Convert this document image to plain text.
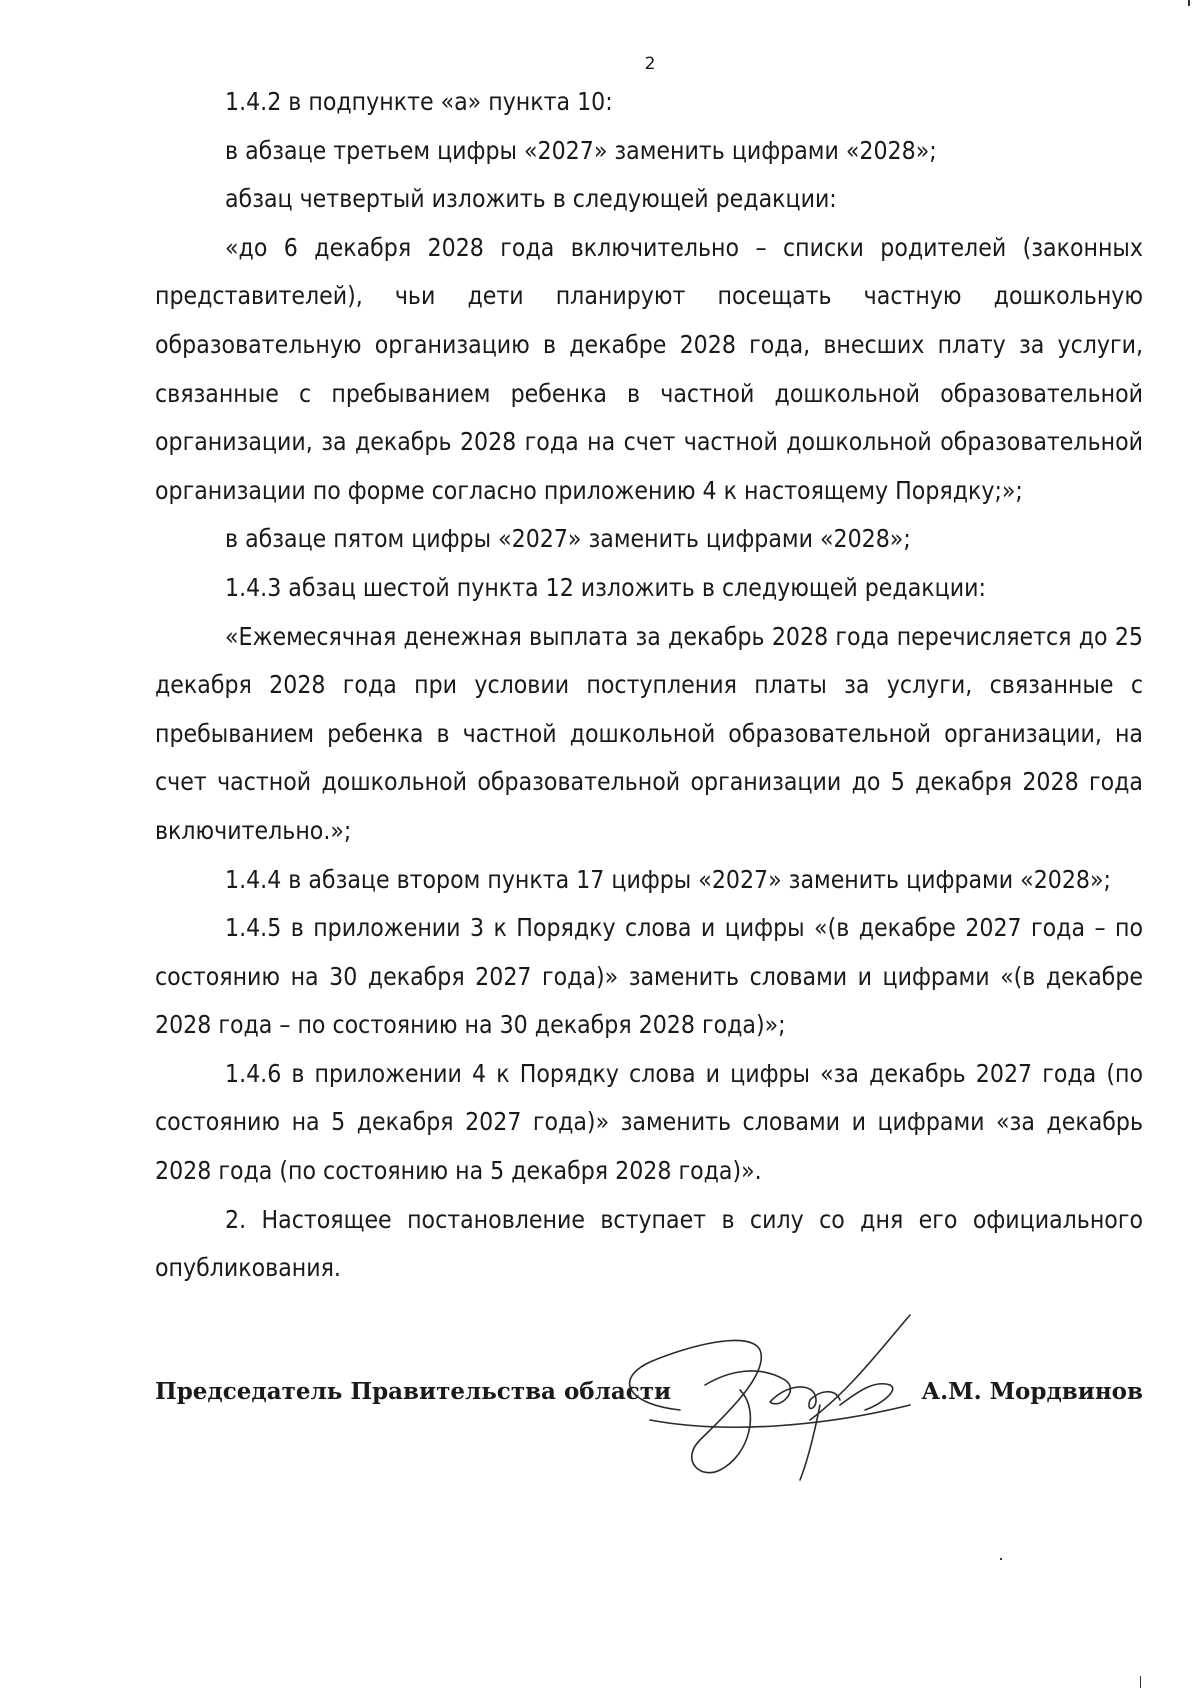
2

1.4.2 в подпункте «а» пункта 10:

в абзаце третьем цифры «2027» заменить цифрами «2028»;

абзац четвертый изложить в следующей редакции:

«до 6 декабря 2028 года включительно – списки родителей (законных представителей), чьи дети планируют посещать частную дошкольную образовательную организацию в декабре 2028 года, внесших плату за услуги, связанные с пребыванием ребенка в частной дошкольной образовательной организации, за декабрь 2028 года на счет частной дошкольной образовательной организации по форме согласно приложению 4 к настоящему Порядку;»;

в абзаце пятом цифры «2027» заменить цифрами «2028»;

1.4.3 абзац шестой пункта 12 изложить в следующей редакции:

«Ежемесячная денежная выплата за декабрь 2028 года перечисляется до 25 декабря 2028 года при условии поступления платы за услуги, связанные с пребыванием ребенка в частной дошкольной образовательной организации, на счет частной дошкольной образовательной организации до 5 декабря 2028 года включительно.»;

1.4.4 в абзаце втором пункта 17 цифры «2027» заменить цифрами «2028»;

1.4.5 в приложении 3 к Порядку слова и цифры «(в декабре 2027 года – по состоянию на 30 декабря 2027 года)» заменить словами и цифрами «(в декабре 2028 года – по состоянию на 30 декабря 2028 года)»;

1.4.6 в приложении 4 к Порядку слова и цифры «за декабрь 2027 года (по состоянию на 5 декабря 2027 года)» заменить словами и цифрами «за декабрь 2028 года (по состоянию на 5 декабря 2028 года)».

2. Настоящее постановление вступает в силу со дня его официального опубликования.

Председатель Правительства области	А.М. Мордвинов
